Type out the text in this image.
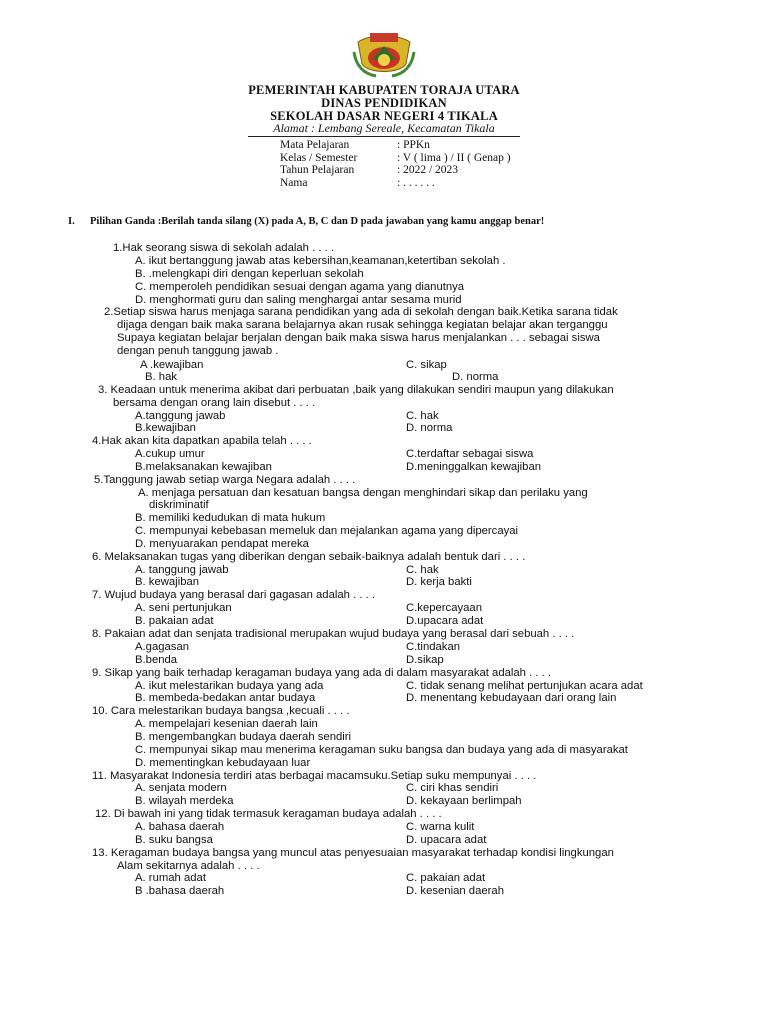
PEMERINTAH KABUPATEN TORAJA UTARA
DINAS PENDIDIKAN
SEKOLAH DASAR NEGERI 4 TIKALA
Alamat : Lembang Sereale, Kecamatan Tikala
Mata Pelajaran	: PPKn
Kelas / Semester	: V ( lima ) / II ( Genap )
Tahun Pelajaran	: 2022 / 2023
Nama	: . . . . . .
I. Pilihan Ganda :Berilah tanda silang (X) pada A, B, C dan D pada jawaban yang kamu anggap benar!
1.Hak seorang siswa di sekolah adalah . . . .
A. ikut bertanggung jawab atas kebersihan,keamanan,ketertiban sekolah .
B. .melengkapi diri dengan keperluan sekolah
C. memperoleh pendidikan sesuai dengan agama yang dianutnya
D. menghormati guru dan saling menghargai antar sesama murid
2.Setiap siswa harus menjaga sarana pendidikan yang ada di sekolah dengan baik.Ketika sarana tidak
dijaga dengan baik maka sarana belajarnya akan rusak sehingga kegiatan belajar akan terganggu
Supaya kegiatan belajar berjalan dengan baik maka siswa harus menjalankan . . . sebagai siswa
dengan penuh tanggung jawab .
A .kewajiban	C. sikap
B. hak	D. norma
3. Keadaan untuk menerima akibat dari perbuatan ,baik yang dilakukan sendiri maupun yang dilakukan
bersama dengan orang lain disebut . . . .
A.tanggung jawab	C. hak
B.kewajiban	D. norma
4.Hak akan kita dapatkan apabila telah . . . .
A.cukup umur	C.terdaftar sebagai siswa
B.melaksanakan kewajiban	D.meninggalkan kewajiban
5.Tanggung jawab setiap warga Negara adalah . . . .
A. menjaga persatuan dan kesatuan bangsa dengan menghindari sikap dan perilaku yang
diskriminatif
B. memiliki kedudukan di mata hukum
C. mempunyai kebebasan memeluk dan mejalankan agama yang dipercayai
D. menyuarakan pendapat mereka
6. Melaksanakan tugas yang diberikan dengan sebaik-baiknya adalah bentuk dari . . . .
A. tanggung jawab	C. hak
B. kewajiban	D. kerja bakti
7. Wujud budaya yang berasal dari gagasan adalah . . . .
A. seni pertunjukan	C.kepercayaan
B. pakaian adat	D.upacara adat
8. Pakaian adat dan senjata tradisional merupakan wujud budaya yang berasal dari sebuah . . . .
A.gagasan	C.tindakan
B.benda	D.sikap
9. Sikap yang baik terhadap keragaman budaya yang ada di dalam masyarakat adalah . . . .
A. ikut melestarikan budaya yang ada	C. tidak senang melihat pertunjukan acara adat
B. membeda-bedakan antar budaya	D. menentang kebudayaan dari orang lain
10. Cara melestarikan budaya bangsa ,kecuali . . . .
A. mempelajari kesenian daerah lain
B. mengembangkan budaya daerah sendiri
C. mempunyai sikap mau menerima keragaman suku bangsa dan budaya yang ada di masyarakat
D. mementingkan kebudayaan luar
11. Masyarakat Indonesia terdiri atas berbagai macamsuku.Setiap suku mempunyai . . . .
A. senjata modern	C. ciri khas sendiri
B. wilayah merdeka	D. kekayaan berlimpah
12. Di bawah ini yang tidak termasuk keragaman budaya adalah . . . .
A. bahasa daerah	C. warna kulit
B. suku bangsa	D. upacara adat
13. Keragaman budaya bangsa yang muncul atas penyesuaian masyarakat terhadap kondisi lingkungan
Alam sekitarnya adalah . . . .
A. rumah adat	C. pakaian adat
B .bahasa daerah	D. kesenian daerah
